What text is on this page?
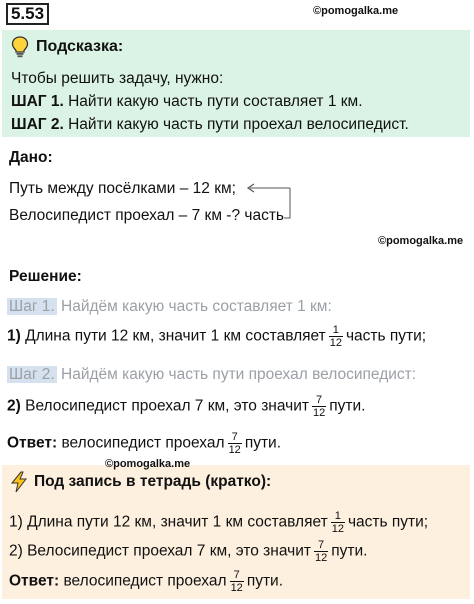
5.53	©pomogalka.me
Подсказка:
Чтобы решить задачу, нужно:
ШАГ 1. Найти какую часть пути составляет 1 км.
ШАГ 2. Найти какую часть пути проехал велосипедист.
Дано:
Путь между посёлками – 12 км;
Велосипедист проехал – 7 км -? часть
©pomogalka.me
Решение:
Шаг 1. Найдём какую часть составляет 1 км:
1) Длина пути 12 км, значит 1 км составляет $\frac{1}{12}$ часть пути;
Шаг 2. Найдём какую часть пути проехал велосипедист:
2) Велосипедист проехал 7 км, это значит $\frac{7}{12}$ пути.
Ответ: велосипедист проехал $\frac{7}{12}$ пути.
©pomogalka.me
Под запись в тетрадь (кратко):
1) Длина пути 12 км, значит 1 км составляет $\frac{1}{12}$ часть пути;
2) Велосипедист проехал 7 км, это значит $\frac{7}{12}$ пути.
Ответ: велосипедист проехал $\frac{7}{12}$ пути.
